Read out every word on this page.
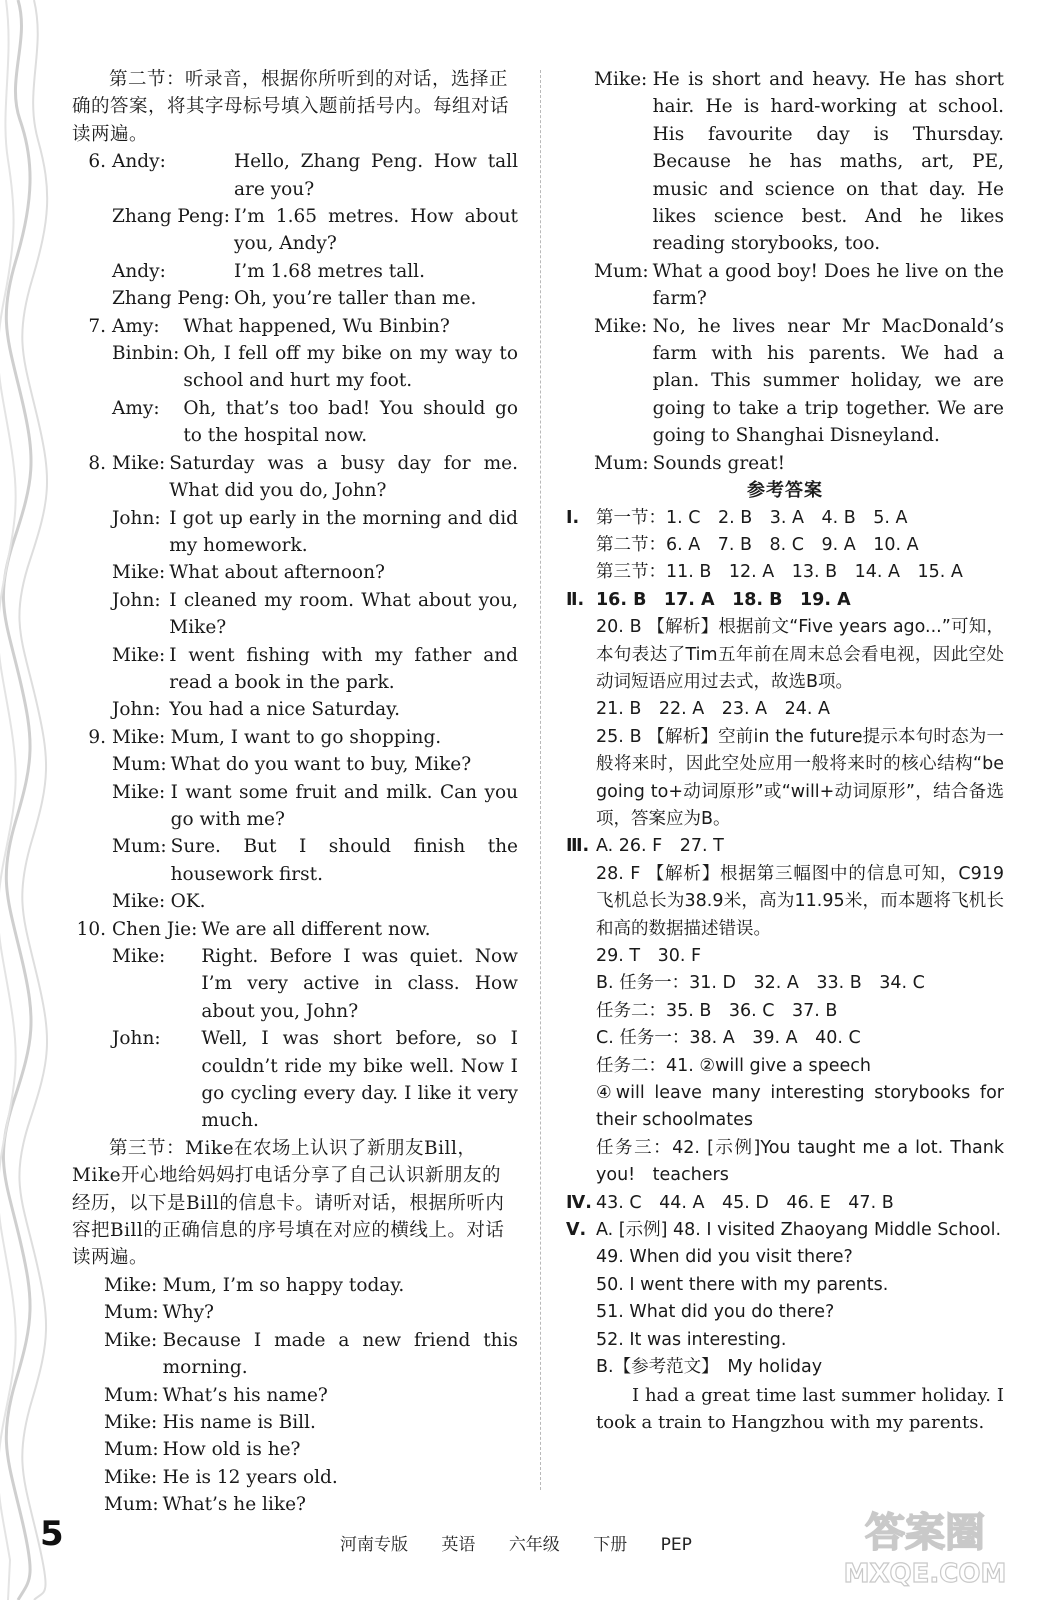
第二节：听录音，根据你所听到的对话，选择正确的答案，将其字母标号填入题前括号内。每组对话读两遍。

6. Andy:	Hello, Zhang Peng. How tall are you?
Zhang Peng: I’m 1.65 metres. How about you, Andy?
Andy:	I’m 1.68 metres tall.
Zhang Peng: Oh, you’re taller than me.
7. Amy:	What happened, Wu Binbin?
Binbin: Oh, I fell off my bike on my way to school and hurt my foot.
Amy:	Oh, that’s too bad! You should go to the hospital now.
8. Mike: Saturday was a busy day for me. What did you do, John?
John: I got up early in the morning and did my homework.
Mike: What about afternoon?
John: I cleaned my room. What about you, Mike?
Mike: I went fishing with my father and read a book in the park.
John: You had a nice Saturday.
9. Mike: Mum, I want to go shopping.
Mum: What do you want to buy, Mike?
Mike: I want some fruit and milk. Can you go with me?
Mum: Sure. But I should finish the housework first.
Mike: OK.
10. Chen Jie: We are all different now.
Mike:	Right. Before I was quiet. Now I’m very active in class. How about you, John?
John:	Well, I was short before, so I couldn’t ride my bike well. Now I go cycling every day. I like it very much.

第三节：Mike在农场上认识了新朋友Bill，Mike开心地给妈妈打电话分享了自己认识新朋友的经历，以下是Bill的信息卡。请听对话，根据所听内容把Bill的正确信息的序号填在对应的横线上。对话读两遍。

Mike: Mum, I’m so happy today.
Mum: Why?
Mike: Because I made a new friend this morning.
Mum: What’s his name?
Mike: His name is Bill.
Mum: How old is he?
Mike: He is 12 years old.
Mum: What’s he like?
Mike: He is short and heavy. He has short hair. He is hard-working at school. His favourite day is Thursday. Because he has maths, art, PE, music and science on that day. He likes science best. And he likes reading storybooks, too.
Mum: What a good boy! Does he live on the farm?
Mike: No, he lives near Mr MacDonald’s farm with his parents. We had a plan. This summer holiday, we are going to take a trip together. We are going to Shanghai Disneyland.
Mum: Sounds great!
参考答案
Ⅰ. 第一节：1. C　2. B　3. A　4. B　5. A
第二节：6. A　7. B　8. C　9. A　10. A
第三节：11. B　12. A　13. B　14. A　15. A
Ⅱ. 16. B　17. A　18. B　19. A
20. B 【解析】根据前文“Five years ago...”可知，本句表达了Tim五年前在周末总会看电视，因此空处动词短语应用过去式，故选B项。
21. B　22. A　23. A　24. A
25. B 【解析】空前in the future提示本句时态为一般将来时，因此空处应用一般将来时的核心结构“be going to+动词原形”或“will+动词原形”，结合备选项，答案应为B。
Ⅲ. A. 26. F　27. T
28. F 【解析】根据第三幅图中的信息可知，C919飞机总长为38.9米，高为11.95米，而本题将飞机长和高的数据描述错误。
29. T　30. F
B. 任务一：31. D　32. A　33. B　34. C
任务二：35. B　36. C　37. B
C. 任务一：38. A　39. A　40. C
任务二：41. ②will give a speech
④will leave many interesting storybooks for their schoolmates
任务三：42. [示例]You taught me a lot. Thank you!　teachers
Ⅳ. 43. C　44. A　45. D　46. E　47. B
Ⅴ. A. [示例] 48. I visited Zhaoyang Middle School.
49. When did you visit there?
50. I went there with my parents.
51. What did you do there?
52. It was interesting.
B.【参考范文】　My holiday
I had a great time last summer holiday. I took a train to Hangzhou with my parents.
5	河南专版 英语 六年级 下册 PEP	答案圈
MXQE.COM
